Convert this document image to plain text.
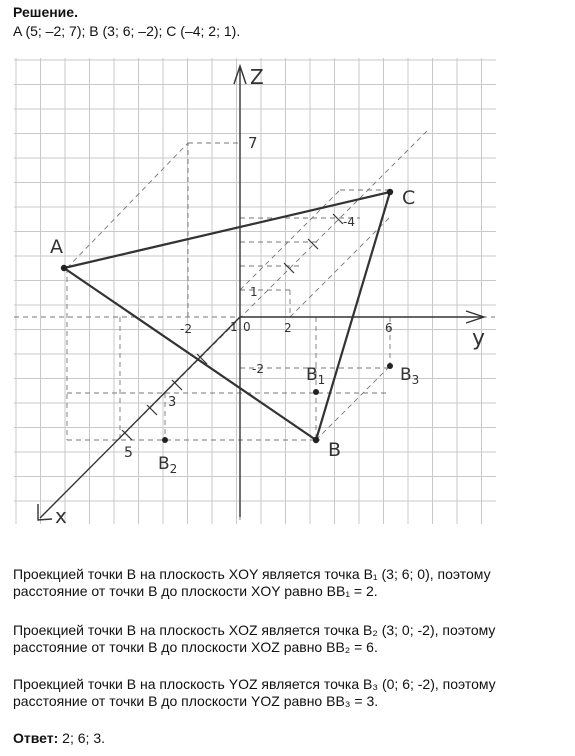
Решение.
A (5; –2; 7); B (3; 6; –2); C (–4; 2; 1).
Z
y
x
A
B
C
$B_1$
$B_2$
$B_3$
7
0
1	2	6
-2
-2
3
5
-4
1
Проекцией точки B на плоскость XOY является точка B₁ (3; 6; 0), поэтому
расстояние от точки B до плоскости XOY равно BB₁ = 2.
Проекцией точки B на плоскость XOZ является точка B₂ (3; 0; -2), поэтому
расстояние от точки B до плоскости XOZ равно BB₂ = 6.
Проекцией точки B на плоскость YOZ является точка B₃ (0; 6; -2), поэтому
расстояние от точки B до плоскости YOZ равно BB₃ = 3.
Ответ: 2; 6; 3.
